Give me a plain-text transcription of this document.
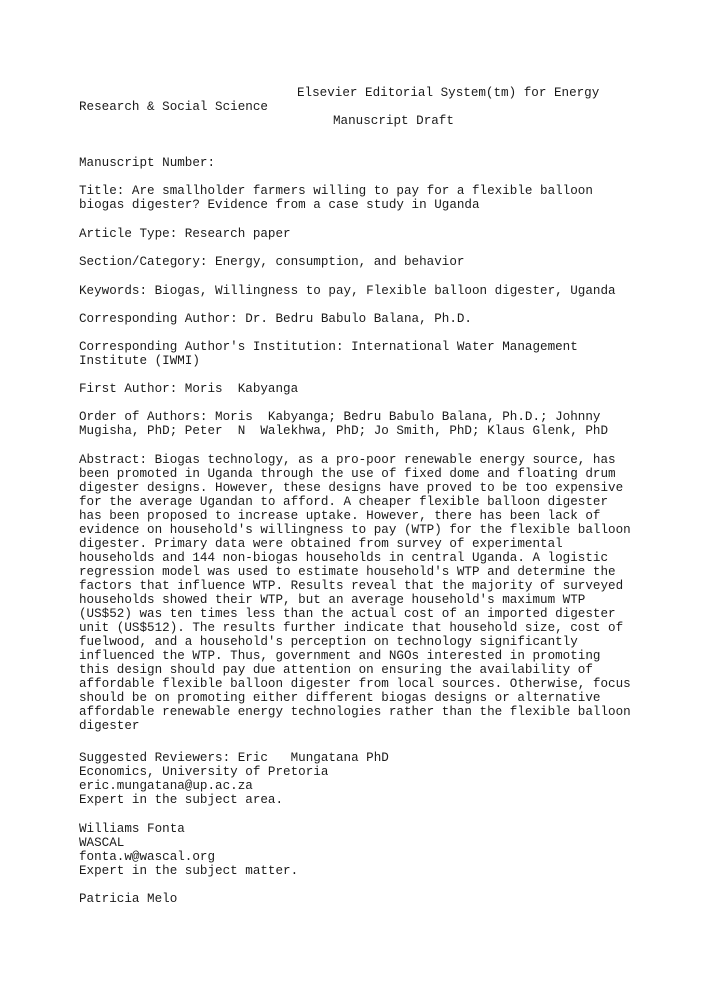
Elsevier Editorial System(tm) for Energy

Research & Social Science

Manuscript Draft

Manuscript Number:

Title: Are smallholder farmers willing to pay for a flexible balloon

biogas digester? Evidence from a case study in Uganda

Article Type: Research paper

Section/Category: Energy, consumption, and behavior

Keywords: Biogas, Willingness to pay, Flexible balloon digester, Uganda

Corresponding Author: Dr. Bedru Babulo Balana, Ph.D.

Corresponding Author's Institution: International Water Management

Institute (IWMI)

First Author: Moris  Kabyanga

Order of Authors: Moris  Kabyanga; Bedru Babulo Balana, Ph.D.; Johnny

Mugisha, PhD; Peter  N  Walekhwa, PhD; Jo Smith, PhD; Klaus Glenk, PhD

Abstract: Biogas technology, as a pro-poor renewable energy source, has

been promoted in Uganda through the use of fixed dome and floating drum

digester designs. However, these designs have proved to be too expensive

for the average Ugandan to afford. A cheaper flexible balloon digester

has been proposed to increase uptake. However, there has been lack of

evidence on household's willingness to pay (WTP) for the flexible balloon

digester. Primary data were obtained from survey of experimental

households and 144 non-biogas households in central Uganda. A logistic

regression model was used to estimate household's WTP and determine the

factors that influence WTP. Results reveal that the majority of surveyed

households showed their WTP, but an average household's maximum WTP

(US$52) was ten times less than the actual cost of an imported digester

unit (US$512). The results further indicate that household size, cost of

fuelwood, and a household's perception on technology significantly

influenced the WTP. Thus, government and NGOs interested in promoting

this design should pay due attention on ensuring the availability of

affordable flexible balloon digester from local sources. Otherwise, focus

should be on promoting either different biogas designs or alternative

affordable renewable energy technologies rather than the flexible balloon

digester

Suggested Reviewers: Eric   Mungatana PhD

Economics, University of Pretoria

eric.mungatana@up.ac.za

Expert in the subject area.

Williams Fonta

WASCAL

fonta.w@wascal.org

Expert in the subject matter.

Patricia Melo
